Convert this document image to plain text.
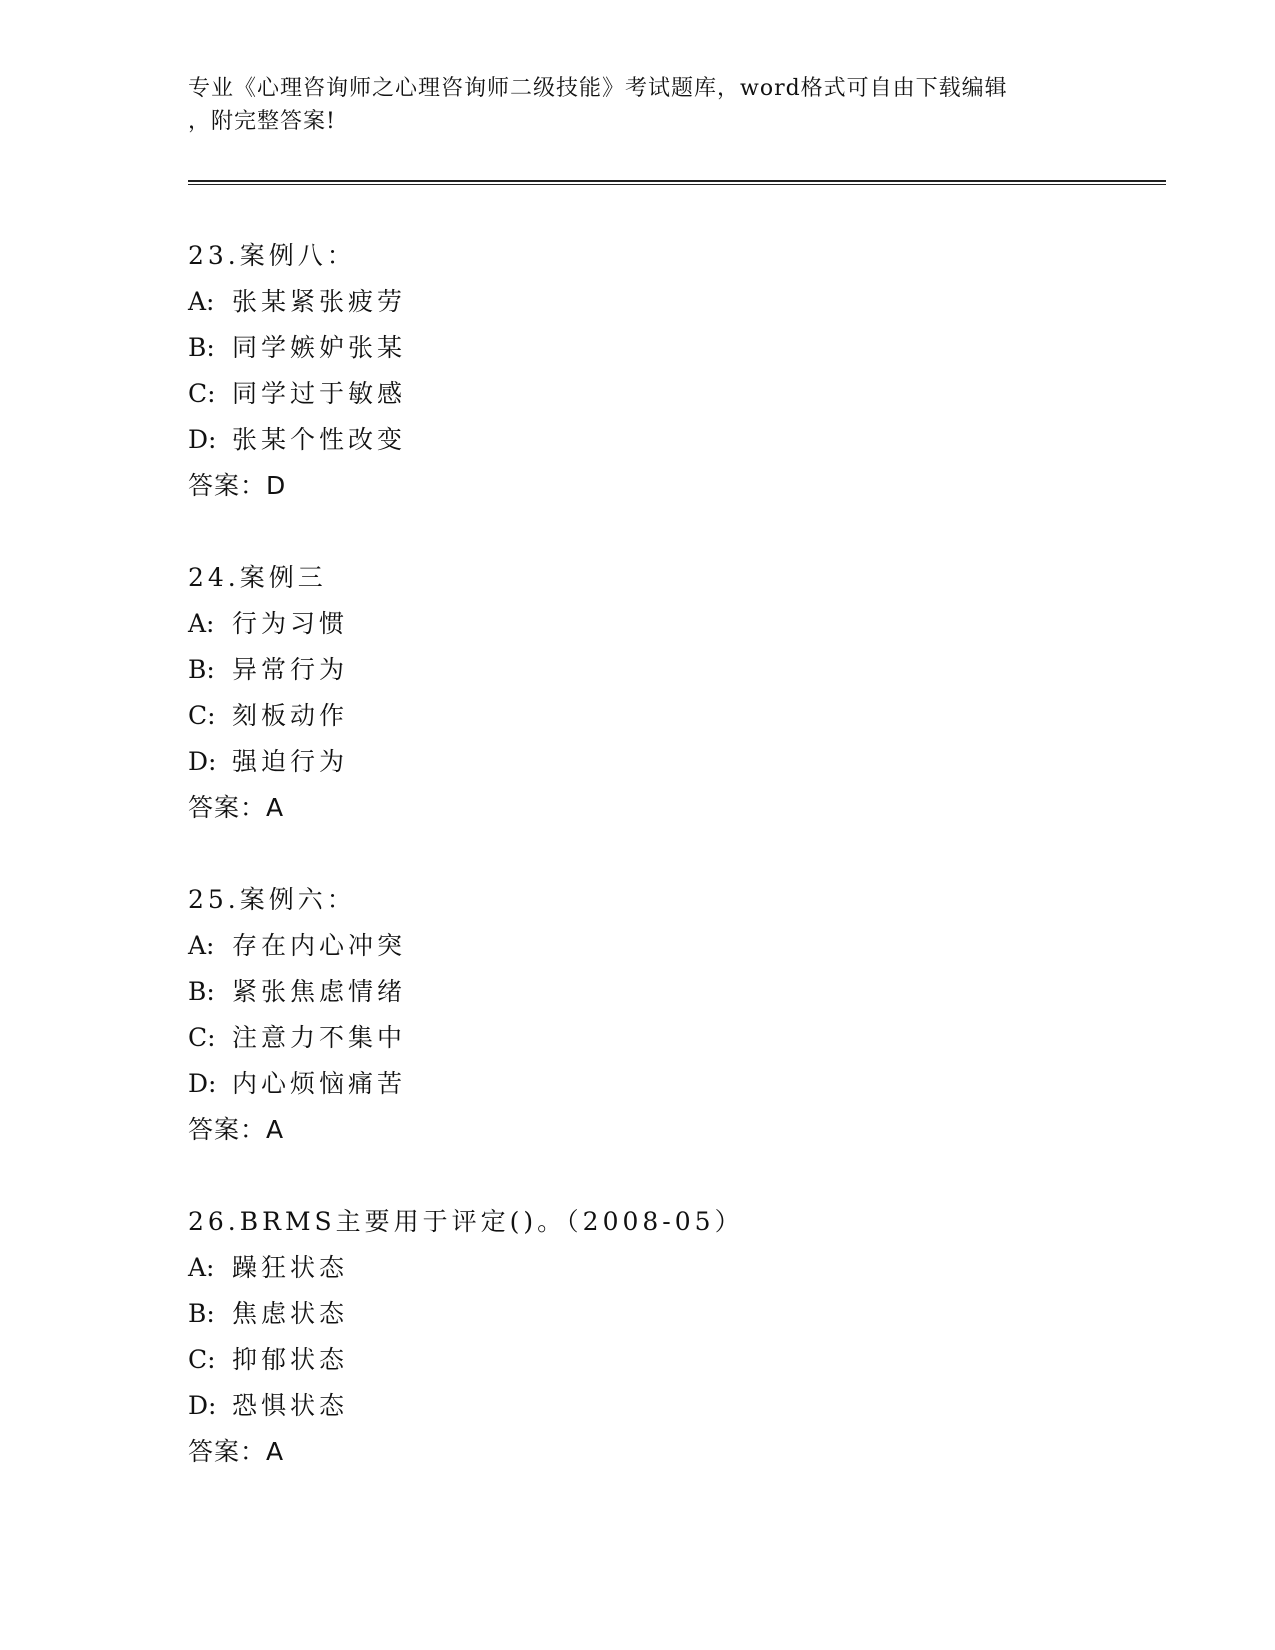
专业《心理咨询师之心理咨询师二级技能》考试题库，word格式可自由下载编辑
，附完整答案!
23.案例八：
A: 张某紧张疲劳
B: 同学嫉妒张某
C: 同学过于敏感
D: 张某个性改变
答案：D
24.案例三
A: 行为习惯
B: 异常行为
C: 刻板动作
D: 强迫行为
答案：A
25.案例六：
A: 存在内心冲突
B: 紧张焦虑情绪
C: 注意力不集中
D: 内心烦恼痛苦
答案：A
26.BRMS主要用于评定()。（2008-05）
A: 躁狂状态
B: 焦虑状态
C: 抑郁状态
D: 恐惧状态
答案：A
